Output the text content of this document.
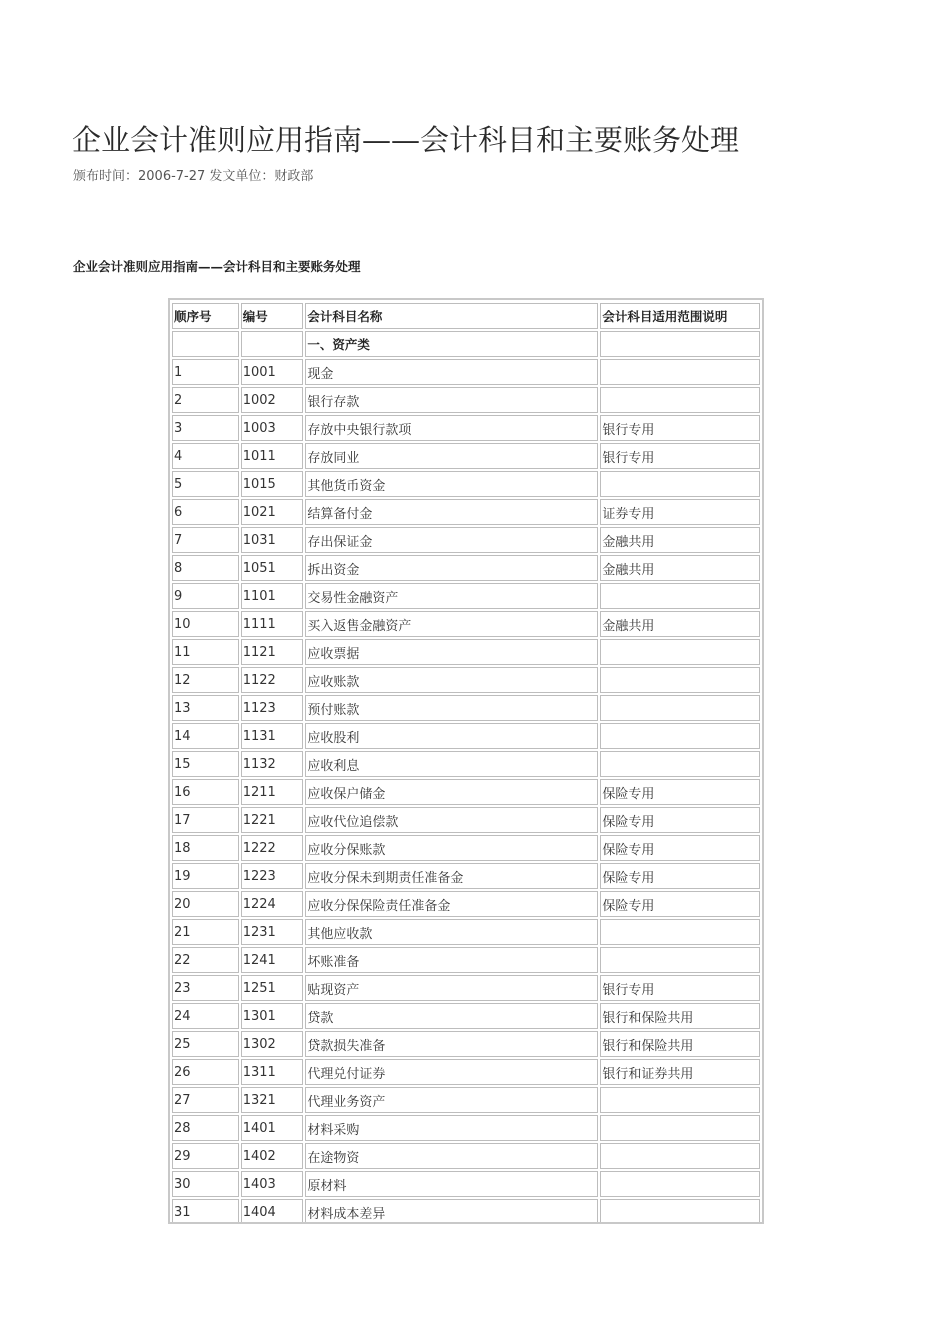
企业会计准则应用指南——会计科目和主要账务处理
颁布时间：2006-7-27 发文单位：财政部
企业会计准则应用指南——会计科目和主要账务处理
顺序号	编号	会计科目名称	会计科目适用范围说明
		一、资产类	
1	1001	现金	
2	1002	银行存款	
3	1003	存放中央银行款项	银行专用
4	1011	存放同业	银行专用
5	1015	其他货币资金	
6	1021	结算备付金	证券专用
7	1031	存出保证金	金融共用
8	1051	拆出资金	金融共用
9	1101	交易性金融资产	
10	1111	买入返售金融资产	金融共用
11	1121	应收票据	
12	1122	应收账款	
13	1123	预付账款	
14	1131	应收股利	
15	1132	应收利息	
16	1211	应收保户储金	保险专用
17	1221	应收代位追偿款	保险专用
18	1222	应收分保账款	保险专用
19	1223	应收分保未到期责任准备金	保险专用
20	1224	应收分保保险责任准备金	保险专用
21	1231	其他应收款	
22	1241	坏账准备	
23	1251	贴现资产	银行专用
24	1301	贷款	银行和保险共用
25	1302	贷款损失准备	银行和保险共用
26	1311	代理兑付证券	银行和证券共用
27	1321	代理业务资产	
28	1401	材料采购	
29	1402	在途物资	
30	1403	原材料	
31	1404	材料成本差异	
